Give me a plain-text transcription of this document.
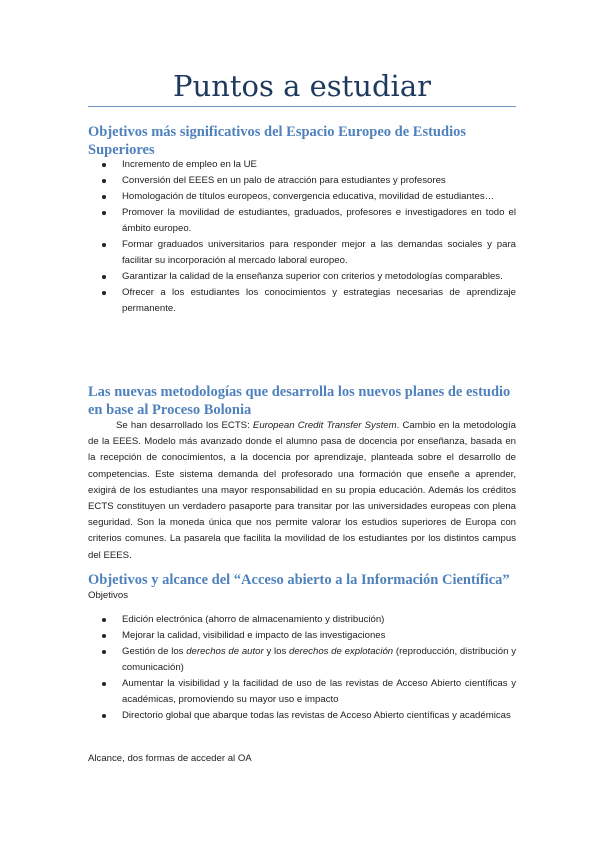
Puntos a estudiar
Objetivos más significativos del Espacio Europeo de Estudios Superiores
Incremento de empleo en la UE
Conversión del EEES en un palo de atracción para estudiantes y profesores
Homologación de títulos europeos, convergencia educativa, movilidad de estudiantes…
Promover la movilidad de estudiantes, graduados, profesores e investigadores en todo el ámbito europeo.
Formar graduados universitarios para responder mejor a las demandas sociales y para facilitar su incorporación al mercado laboral europeo.
Garantizar la calidad de la enseñanza superior con criterios y metodologías comparables.
Ofrecer a los estudiantes los conocimientos y estrategias necesarias de aprendizaje permanente.
Las nuevas metodologías que desarrolla los nuevos planes de estudio en base al Proceso Bolonia
Se han desarrollado los ECTS: European Credit Transfer System. Cambio en la metodología de la EEES. Modelo más avanzado donde el alumno pasa de docencia por enseñanza, basada en la recepción de conocimientos, a la docencia por aprendizaje, planteada sobre el desarrollo de competencias. Este sistema demanda del profesorado una formación que enseñe a aprender, exigirá de los estudiantes una mayor responsabilidad en su propia educación. Además los créditos ECTS constituyen un verdadero pasaporte para transitar por las universidades europeas con plena seguridad. Son la moneda única que nos permite valorar los estudios superiores de Europa con criterios comunes. La pasarela que facilita la movilidad de los estudiantes por los distintos campus del EEES.
Objetivos y alcance del “Acceso abierto a la Información Científica”
Objetivos
Edición electrónica (ahorro de almacenamiento y distribución)
Mejorar la calidad, visibilidad e impacto de las investigaciones
Gestión de los derechos de autor y los derechos de explotación (reproducción, distribución y comunicación)
Aumentar la visibilidad y la facilidad de uso de las revistas de Acceso Abierto científicas y académicas, promoviendo su mayor uso e impacto
Directorio global que abarque todas las revistas de Acceso Abierto científicas y académicas
Alcance, dos formas de acceder al OA
